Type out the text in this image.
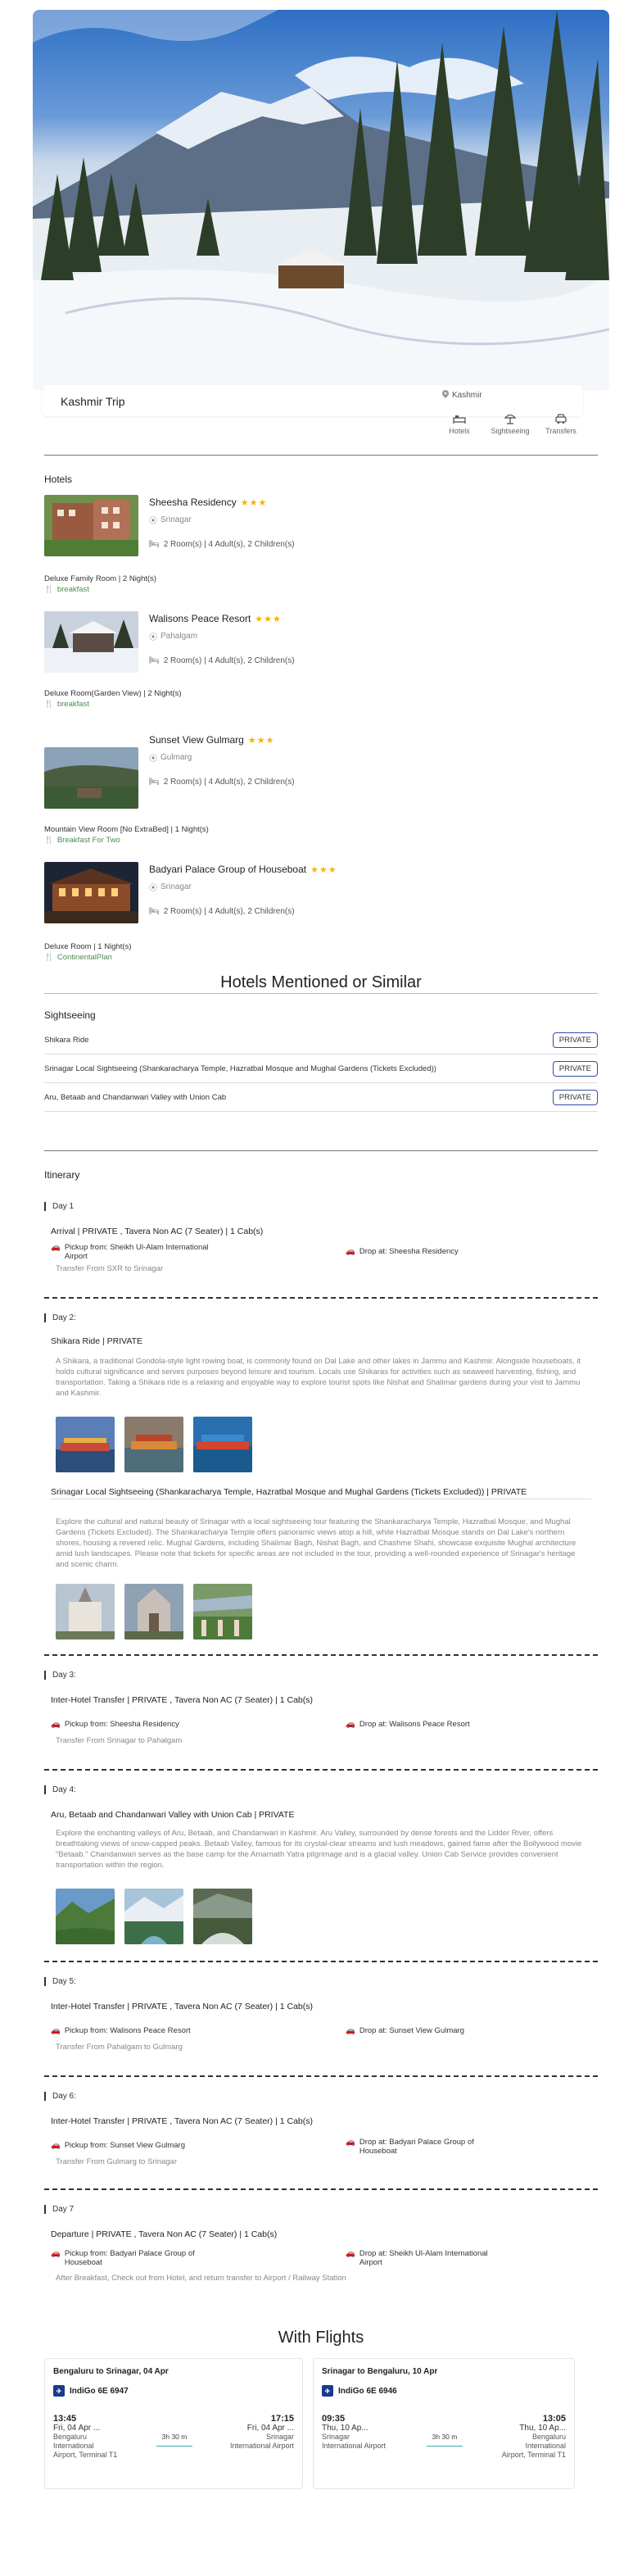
Kashmir Trip	Kashmir
Hotels	Sightseeing Transfers
Hotels
Sheesha Residency ★★★
⦿ Srinagar
🛏 2 Room(s) | 4 Adult(s), 2 Children(s)
Deluxe Family Room | 2 Night(s)
🍴 breakfast
Walisons Peace Resort ★★★
⦿ Pahalgam
🛏 2 Room(s) | 4 Adult(s), 2 Children(s)
Deluxe Room(Garden View) | 2 Night(s)
🍴 breakfast
Sunset View Gulmarg ★★★
⦿ Gulmarg
🛏 2 Room(s) | 4 Adult(s), 2 Children(s)
Mountain View Room [No ExtraBed] | 1 Night(s)
🍴 Breakfast For Two
Badyari Palace Group of Houseboat ★★★
⦿ Srinagar
🛏 2 Room(s) | 4 Adult(s), 2 Children(s)
Deluxe Room | 1 Night(s)
🍴 ContinentalPlan
Hotels Mentioned or Similar
Sightseeing
Shikara Ride	PRIVATE
Srinagar Local Sightseeing (Shankaracharya Temple, Hazratbal Mosque and Mughal Gardens (Tickets Excluded))	PRIVATE
Aru, Betaab and Chandanwari Valley with Union Cab	PRIVATE
Itinerary
Day 1
Arrival | PRIVATE , Tavera Non AC (7 Seater) | 1 Cab(s)
🚗 Pickup from: Sheikh Ul-Alam International Airport
🚗 Drop at: Sheesha Residency
Transfer From SXR to Srinagar
Day 2:
Shikara Ride | PRIVATE
A Shikara, a traditional Gondola-style light rowing boat, is commonly found on Dal Lake and other lakes in Jammu and Kashmir. Alongside houseboats, it holds cultural significance and serves purposes beyond leisure and tourism. Locals use Shikaras for activities such as seaweed harvesting, fishing, and transportation. Taking a Shikara ride is a relaxing and enjoyable way to explore tourist spots like Nishat and Shalimar gardens during your visit to Jammu and Kashmir.
Srinagar Local Sightseeing (Shankaracharya Temple, Hazratbal Mosque and Mughal Gardens (Tickets Excluded)) | PRIVATE
Explore the cultural and natural beauty of Srinagar with a local sightseeing tour featuring the Shankaracharya Temple, Hazratbal Mosque, and Mughal Gardens (Tickets Excluded). The Shankaracharya Temple offers panoramic views atop a hill, while Hazratbal Mosque stands on Dal Lake's northern shores, housing a revered relic. Mughal Gardens, including Shalimar Bagh, Nishat Bagh, and Chashme Shahi, showcase exquisite Mughal architecture amid lush landscapes. Please note that tickets for specific areas are not included in the tour, providing a well-rounded experience of Srinagar's heritage and scenic charm.
Day 3:
Inter-Hotel Transfer | PRIVATE , Tavera Non AC (7 Seater) | 1 Cab(s)
🚗 Pickup from: Sheesha Residency	🚗 Drop at: Walisons Peace Resort
Transfer From Srinagar to Pahalgam
Day 4:
Aru, Betaab and Chandanwari Valley with Union Cab | PRIVATE
Explore the enchanting valleys of Aru, Betaab, and Chandanwari in Kashmir. Aru Valley, surrounded by dense forests and the Lidder River, offers breathtaking views of snow-capped peaks. Betaab Valley, famous for its crystal-clear streams and lush meadows, gained fame after the Bollywood movie "Betaab." Chandanwari serves as the base camp for the Amarnath Yatra pilgrimage and is a glacial valley. Union Cab Service provides convenient transportation within the region.
Day 5:
Inter-Hotel Transfer | PRIVATE , Tavera Non AC (7 Seater) | 1 Cab(s)
🚗 Pickup from: Walisons Peace Resort	🚗 Drop at: Sunset View Gulmarg
Transfer From Pahalgam to Gulmarg
Day 6:
Inter-Hotel Transfer | PRIVATE , Tavera Non AC (7 Seater) | 1 Cab(s)
🚗 Pickup from: Sunset View Gulmarg	🚗 Drop at: Badyari Palace Group of Houseboat
Transfer From Gulmarg to Srinagar
Day 7
Departure | PRIVATE , Tavera Non AC (7 Seater) | 1 Cab(s)
🚗 Pickup from: Badyari Palace Group of Houseboat
🚗 Drop at: Sheikh Ul-Alam International Airport
After Breakfast, Check out from Hotel, and return transfer to Airport / Railway Station
With Flights
Bengaluru to Srinagar, 04 Apr
✈ IndiGo 6E 6947
13:45
Fri, 04 Apr ...
Bengaluru International Airport, Terminal T1
3h 30 m
17:15
Fri, 04 Apr ...
Srinagar International Airport
Srinagar to Bengaluru, 10 Apr
✈ IndiGo 6E 6946
09:35
Thu, 10 Ap...
Srinagar International Airport
3h 30 m
13:05
Thu, 10 Ap...
Bengaluru International Airport, Terminal T1
